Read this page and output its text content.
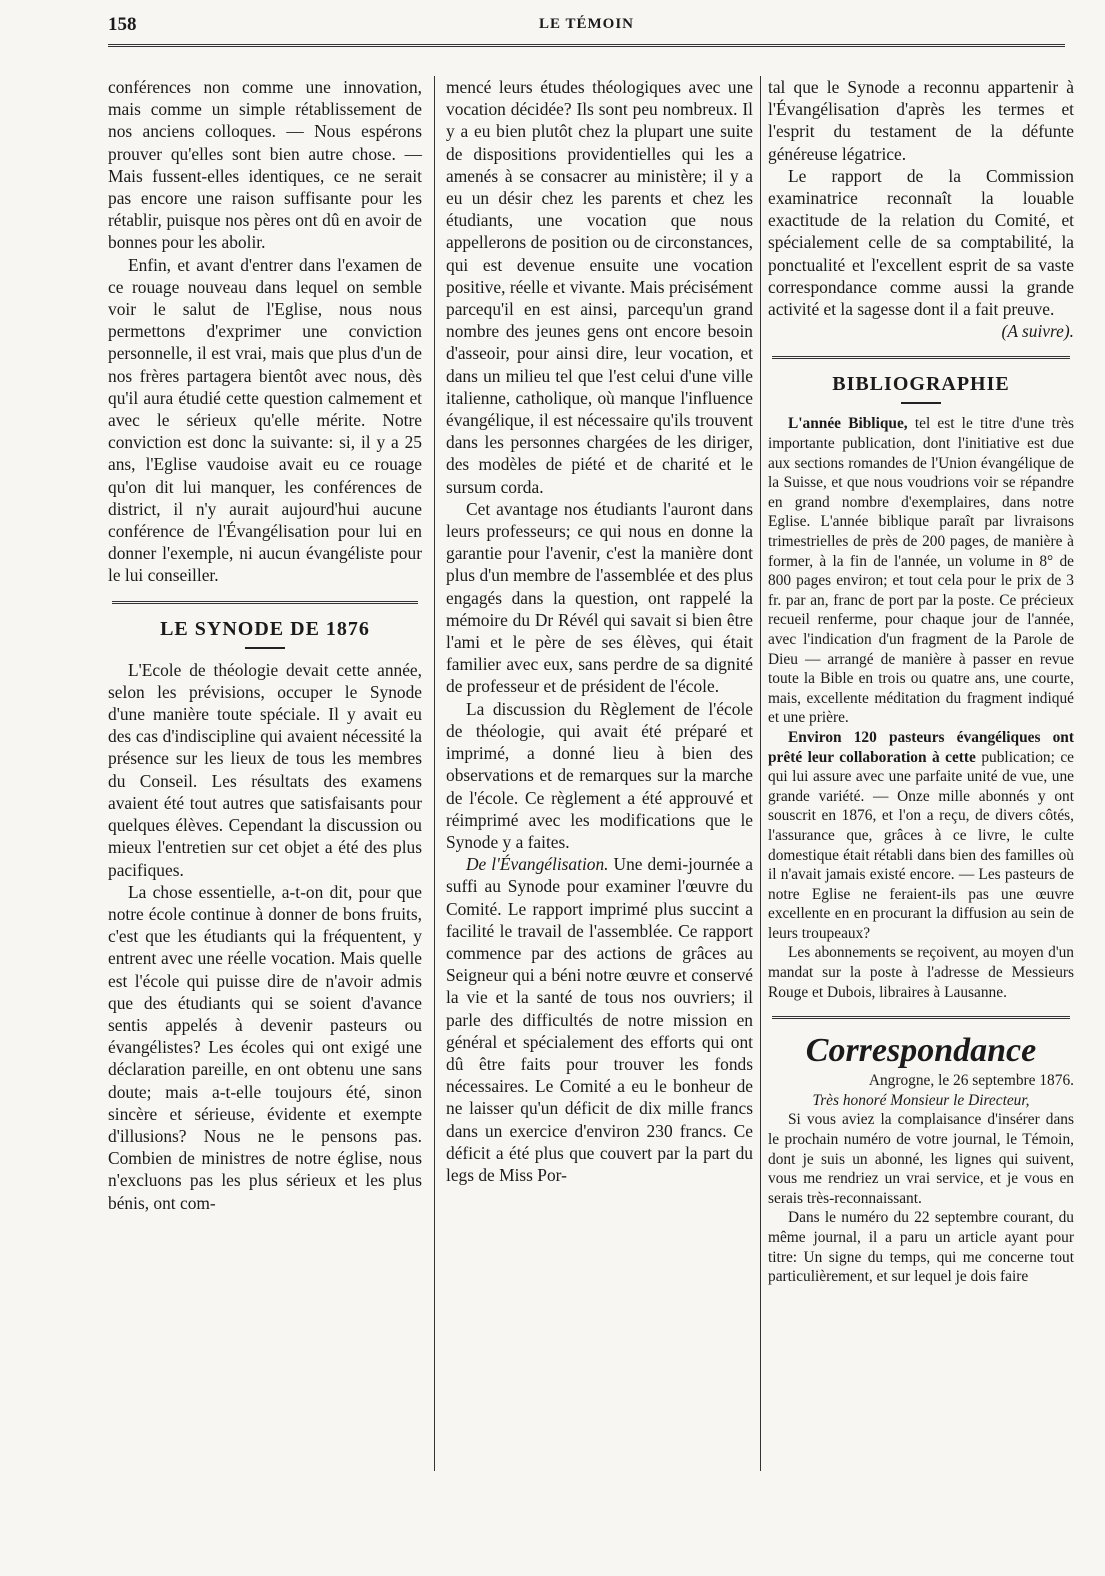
158	LE TÉMOIN

conférences non comme une innovation, mais comme un simple rétablissement de nos anciens colloques. — Nous espérons prouver qu'elles sont bien autre chose. — Mais fussent-elles identiques, ce ne serait pas encore une raison suffisante pour les rétablir, puisque nos pères ont dû en avoir de bonnes pour les abolir.

Enfin, et avant d'entrer dans l'examen de ce rouage nouveau dans lequel on semble voir le salut de l'Eglise, nous nous permettons d'exprimer une conviction personnelle, il est vrai, mais que plus d'un de nos frères partagera bientôt avec nous, dès qu'il aura étudié cette question calmement et avec le sérieux qu'elle mérite. Notre conviction est donc la suivante: si, il y a 25 ans, l'Eglise vaudoise avait eu ce rouage qu'on dit lui manquer, les conférences de district, il n'y aurait aujourd'hui aucune conférence de l'Évangélisation pour lui en donner l'exemple, ni aucun évangéliste pour le lui conseiller.

LE SYNODE DE 1876

L'Ecole de théologie devait cette année, selon les prévisions, occuper le Synode d'une manière toute spéciale. Il y avait eu des cas d'indiscipline qui avaient nécessité la présence sur les lieux de tous les membres du Conseil. Les résultats des examens avaient été tout autres que satisfaisants pour quelques élèves. Cependant la discussion ou mieux l'entretien sur cet objet a été des plus pacifiques.

La chose essentielle, a-t-on dit, pour que notre école continue à donner de bons fruits, c'est que les étudiants qui la fréquentent, y entrent avec une réelle vocation. Mais quelle est l'école qui puisse dire de n'avoir admis que des étudiants qui se soient d'avance sentis appelés à devenir pasteurs ou évangélistes? Les écoles qui ont exigé une déclaration pareille, en ont obtenu une sans doute; mais a-t-elle toujours été, sinon sincère et sérieuse, évidente et exempte d'illusions? Nous ne le pensons pas. Combien de ministres de notre église, nous n'excluons pas les plus sérieux et les plus bénis, ont com-

mencé leurs études théologiques avec une vocation décidée? Ils sont peu nombreux. Il y a eu bien plutôt chez la plupart une suite de dispositions providentielles qui les a amenés à se consacrer au ministère; il y a eu un désir chez les parents et chez les étudiants, une vocation que nous appellerons de position ou de circonstances, qui est devenue ensuite une vocation positive, réelle et vivante. Mais précisément parcequ'il en est ainsi, parcequ'un grand nombre des jeunes gens ont encore besoin d'asseoir, pour ainsi dire, leur vocation, et dans un milieu tel que l'est celui d'une ville italienne, catholique, où manque l'influence évangélique, il est nécessaire qu'ils trouvent dans les personnes chargées de les diriger, des modèles de piété et de charité et le sursum corda.

Cet avantage nos étudiants l'auront dans leurs professeurs; ce qui nous en donne la garantie pour l'avenir, c'est la manière dont plus d'un membre de l'assemblée et des plus engagés dans la question, ont rappelé la mémoire du Dr Révél qui savait si bien être l'ami et le père de ses élèves, qui était familier avec eux, sans perdre de sa dignité de professeur et de président de l'école.

La discussion du Règlement de l'école de théologie, qui avait été préparé et imprimé, a donné lieu à bien des observations et de remarques sur la marche de l'école. Ce règlement a été approuvé et réimprimé avec les modifications que le Synode y a faites.

De l'Évangélisation. Une demi-journée a suffi au Synode pour examiner l'œuvre du Comité. Le rapport imprimé plus succint a facilité le travail de l'assemblée. Ce rapport commence par des actions de grâces au Seigneur qui a béni notre œuvre et conservé la vie et la santé de tous nos ouvriers; il parle des difficultés de notre mission en général et spécialement des efforts qui ont dû être faits pour trouver les fonds nécessaires. Le Comité a eu le bonheur de ne laisser qu'un déficit de dix mille francs dans un exercice d'environ 230 francs. Ce déficit a été plus que couvert par la part du legs de Miss Por-

tal que le Synode a reconnu appartenir à l'Évangélisation d'après les termes et l'esprit du testament de la défunte généreuse légatrice.

Le rapport de la Commission examinatrice reconnaît la louable exactitude de la relation du Comité, et spécialement celle de sa comptabilité, la ponctualité et l'excellent esprit de sa vaste correspondance comme aussi la grande activité et la sagesse dont il a fait preuve.

(A suivre).

BIBLIOGRAPHIE

L'année Biblique, tel est le titre d'une très importante publication, dont l'initiative est due aux sections romandes de l'Union évangélique de la Suisse, et que nous voudrions voir se répandre en grand nombre d'exemplaires, dans notre Eglise. L'année biblique paraît par livraisons trimestrielles de près de 200 pages, de manière à former, à la fin de l'année, un volume in 8° de 800 pages environ; et tout cela pour le prix de 3 fr. par an, franc de port par la poste. Ce précieux recueil renferme, pour chaque jour de l'année, avec l'indication d'un fragment de la Parole de Dieu — arrangé de manière à passer en revue toute la Bible en trois ou quatre ans, une courte, mais, excellente méditation du fragment indiqué et une prière.

Environ 120 pasteurs évangéliques ont prêté leur collaboration à cette publication; ce qui lui assure avec une parfaite unité de vue, une grande variété. — Onze mille abonnés y ont souscrit en 1876, et l'on a reçu, de divers côtés, l'assurance que, grâces à ce livre, le culte domestique était rétabli dans bien des familles où il n'avait jamais existé encore. — Les pasteurs de notre Eglise ne feraient-ils pas une œuvre excellente en en procurant la diffusion au sein de leurs troupeaux?

Les abonnements se reçoivent, au moyen d'un mandat sur la poste à l'adresse de Messieurs Rouge et Dubois, libraires à Lausanne.

Correspondance

Angrogne, le 26 septembre 1876.

Très honoré Monsieur le Directeur,

Si vous aviez la complaisance d'insérer dans le prochain numéro de votre journal, le Témoin, dont je suis un abonné, les lignes qui suivent, vous me rendriez un vrai service, et je vous en serais très-reconnaissant.

Dans le numéro du 22 septembre courant, du même journal, il a paru un article ayant pour titre: Un signe du temps, qui me concerne tout particulièrement, et sur lequel je dois faire
